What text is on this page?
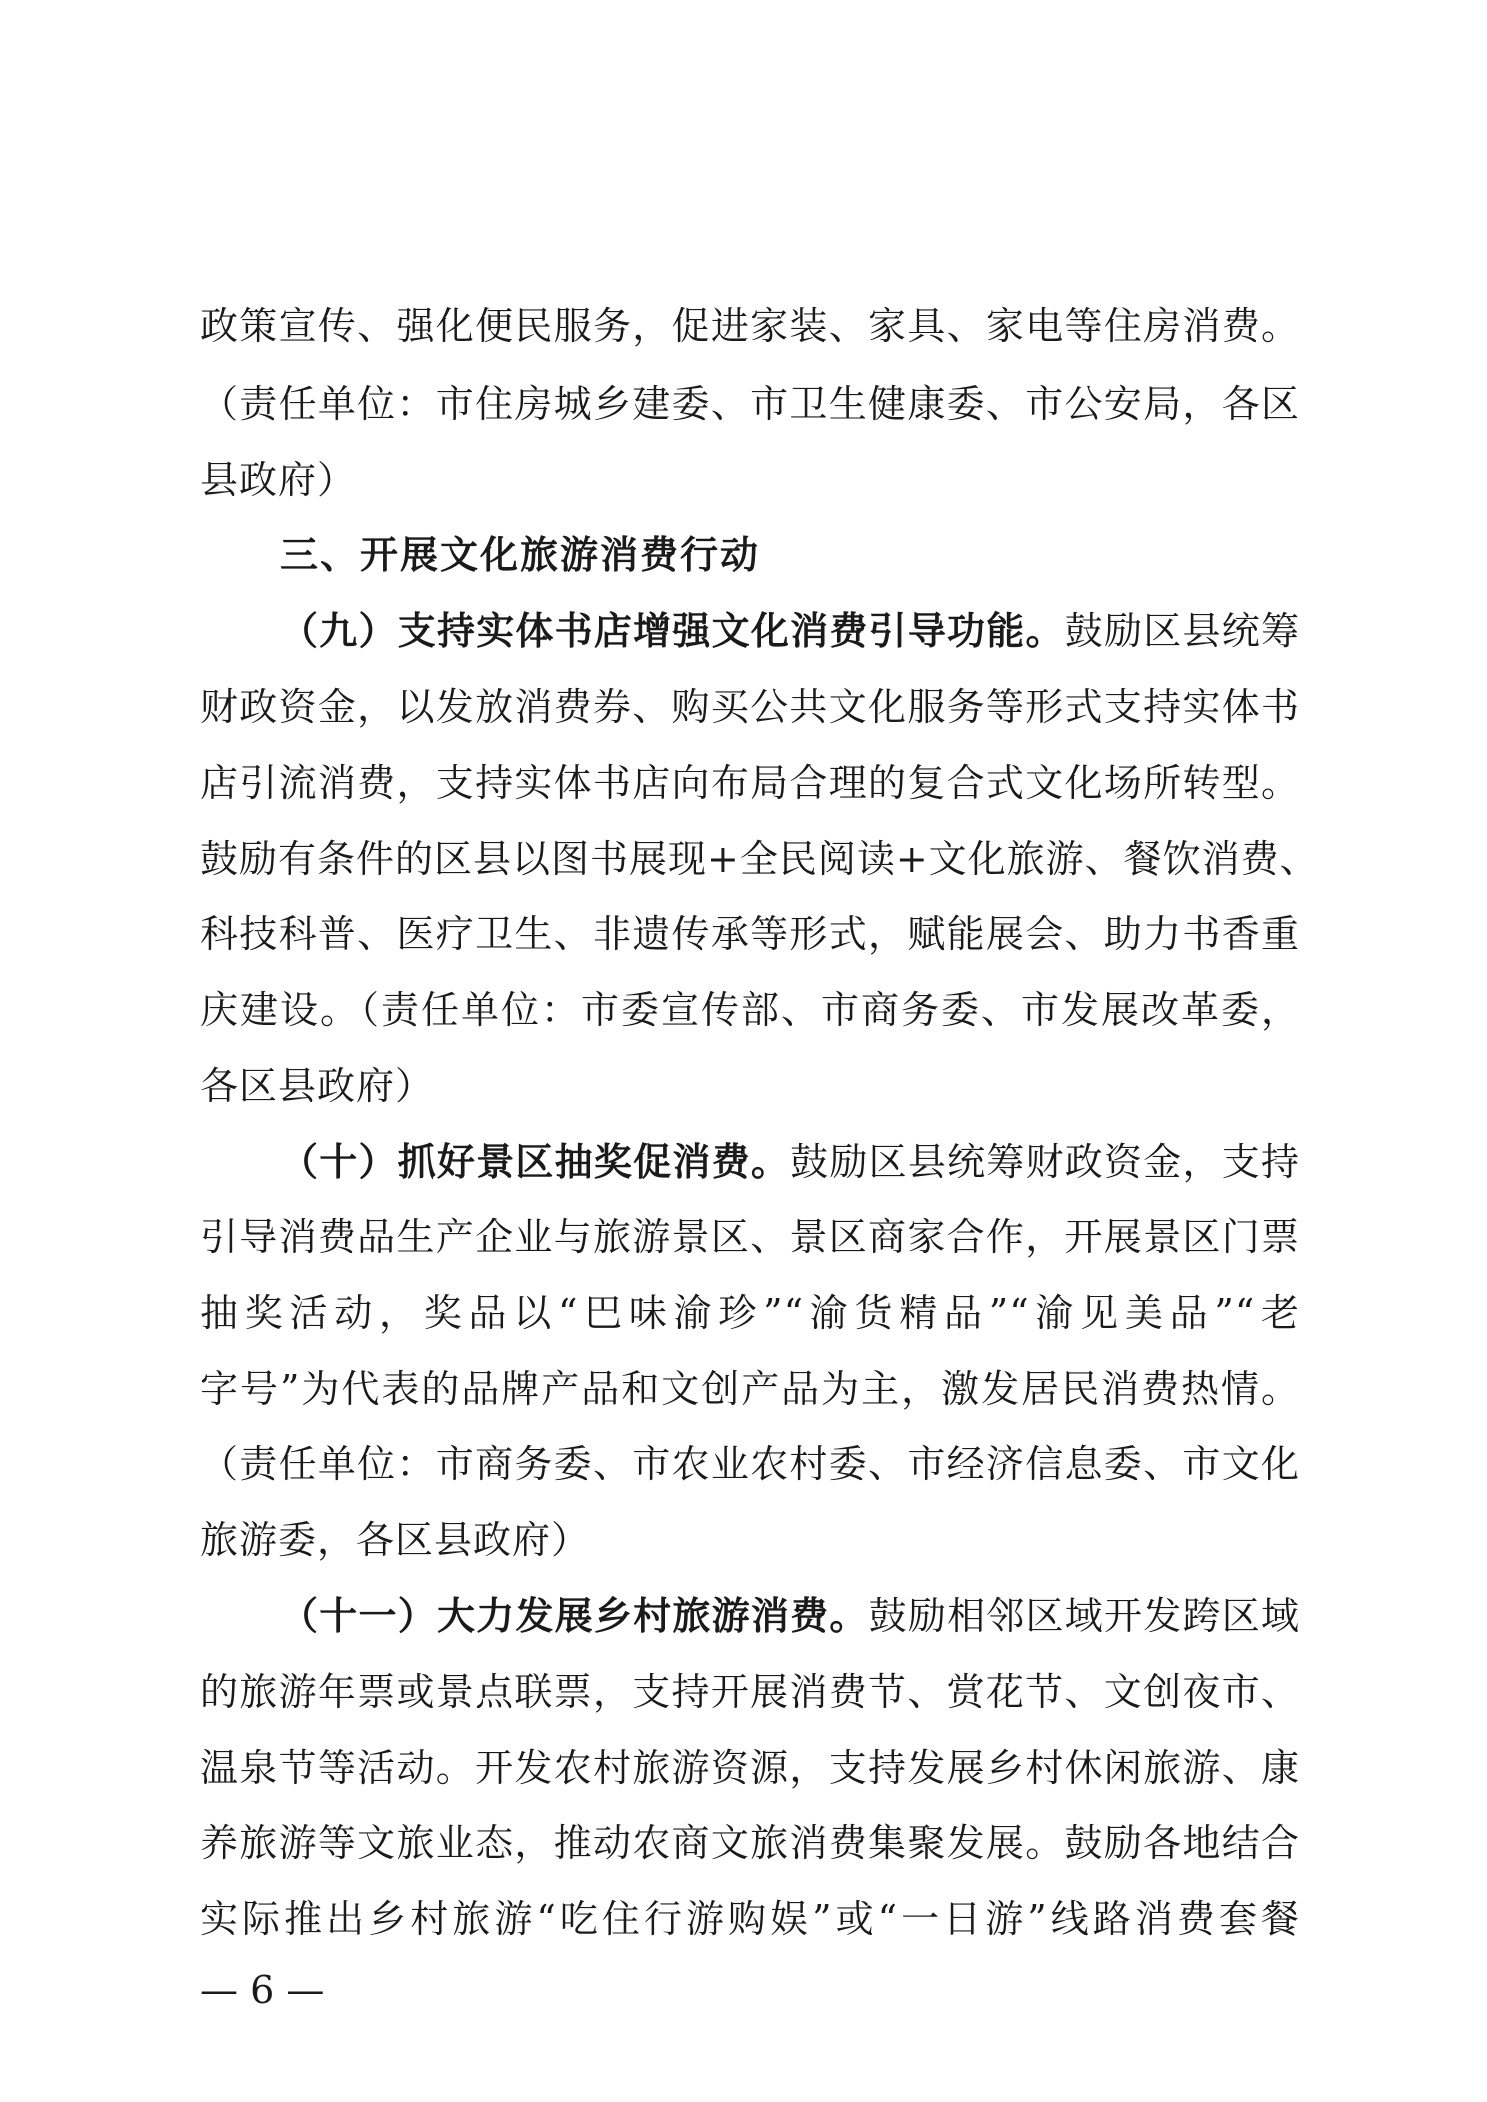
政策宣传、强化便民服务，促进家装、家具、家电等住房消费。
（责任单位：市住房城乡建委、市卫生健康委、市公安局，各区
县政府）
三、开展文化旅游消费行动
（九）支持实体书店增强文化消费引导功能。鼓励区县统筹
财政资金，以发放消费券、购买公共文化服务等形式支持实体书
店引流消费，支持实体书店向布局合理的复合式文化场所转型。
鼓励有条件的区县以图书展现+全民阅读+文化旅游、餐饮消费、
科技科普、医疗卫生、非遗传承等形式，赋能展会、助力书香重
庆建设。（责任单位：市委宣传部、市商务委、市发展改革委，
各区县政府）
（十）抓好景区抽奖促消费。鼓励区县统筹财政资金，支持
引导消费品生产企业与旅游景区、景区商家合作，开展景区门票
抽奖活动，奖品以“巴味渝珍”“渝货精品”“渝见美品”“老
字号”为代表的品牌产品和文创产品为主，激发居民消费热情。
（责任单位：市商务委、市农业农村委、市经济信息委、市文化
旅游委，各区县政府）
（十一）大力发展乡村旅游消费。鼓励相邻区域开发跨区域
的旅游年票或景点联票，支持开展消费节、赏花节、文创夜市、
温泉节等活动。开发农村旅游资源，支持发展乡村休闲旅游、康
养旅游等文旅业态，推动农商文旅消费集聚发展。鼓励各地结合
实际推出乡村旅游“吃住行游购娱”或“一日游”线路消费套餐
— 6 —
